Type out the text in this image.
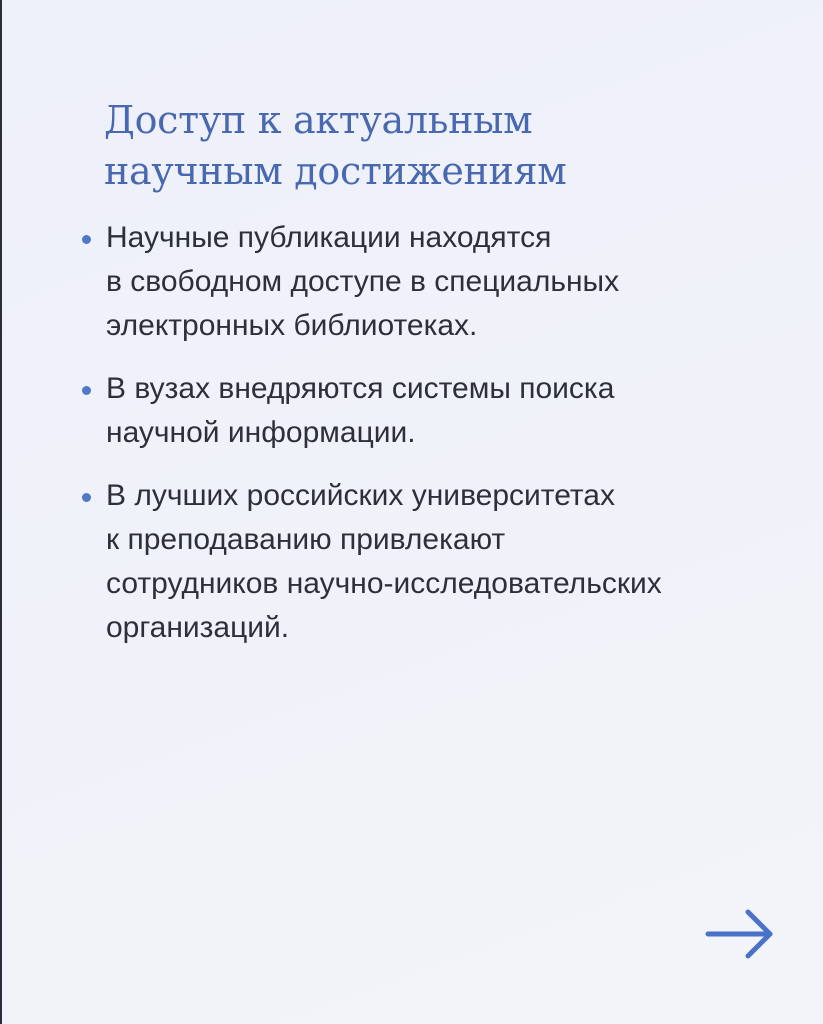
Доступ к актуальным
научным достижениям
Научные публикации находятся
в свободном доступе в специальных
электронных библиотеках.
В вузах внедряются системы поиска
научной информации.
В лучших российских университетах
к преподаванию привлекают
сотрудников научно-исследовательских
организаций.
